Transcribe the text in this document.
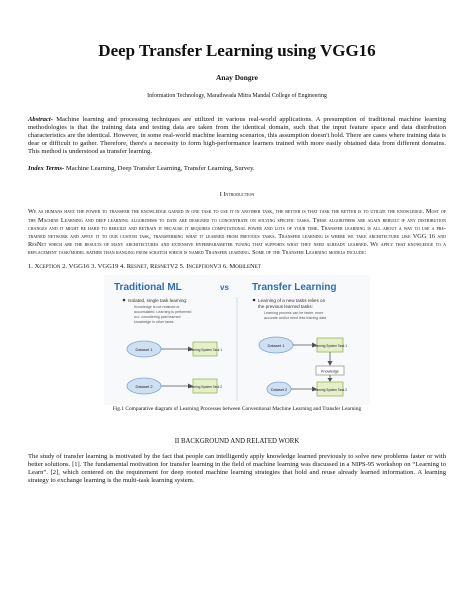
Deep Transfer Learning using VGG16
Anay Dongre
Information Technology, Marathwada Mitra Mandal College of Engineering

Abstract- Machine learning and processing techniques are utilized in various real-world applications. A presumption of traditional machine learning methodologies is that the training data and testing data are taken from the identical domain, such that the input feature space and data distribution characteristics are the identical. However, in some real-world machine learning scenarios, this assumption doesn't hold. There are cases where training data is dear or difficult to gather. Therefore, there's a necessity to form high-performance learners trained with more easily obtained data from different domains. This method is understood as transfer learning.

Index Terms- Machine Learning, Deep Transfer Learning, Transfer Learning, Survey.

I Introduction

We as humans have the power to transfer the knowledge gained in one task to use it in another task, the better is that task the better is to utilize the knowledge. Most of the Machine Learning and deep learning algorithms to date are designed to concentrate on solving specific tasks. These algorithms are again rebuilt if any distribution changes and it might be hard to rebuild and retrain it because it requires computational power and lots of your time. Transfer learning is all about a way to use a pre-trained network and apply it to our custom task, transferring what it learned from previous tasks. Transfer learning is where we take architecture like VGG 16 and ResNet which are the results of many architectures and extensive hyperparameter tuning that supports what they need already learned. We apply that knowledge to a replacement task/model rather than ranging from scratch which is named Transfer learning. Some of the Transfer Learning models include:

1. Xception 2. VGG16 3. VGG19 4. Resnet, ResnetV2 5. InceptionV3 6. MobileNet
Traditional ML	vs Transfer Learning
Isolated, single task learning:
Knowledge is not retained or
accumulated. Learning is performed
w.o. considering past learned
knowledge in other tasks
Learning of a new tasks relies on
the previous learned tasks:
Learning process can be faster, more
accurate and/or need less training data
Dataset 1	Learning System Task 1
Dataset 2	Learning System Task 2
Dataset 1	Learning System Task 1
Knowledge
Dataset 2	Learning System Task 2
Fig.1 Comparative diagram of Learning Processes between Conventional Machine Learning and Transfer Learning
II BACKGROUND AND RELATED WORK

The study of transfer learning is motivated by the fact that people can intelligently apply knowledge learned previously to solve new problems faster or with better solutions. [1]. The fundamental motivation for transfer learning in the field of machine learning was discussed in a NIPS-95 workshop on “Learning to Learn”. [2], which centered on the requirement for deep rooted machine learning strategies that hold and reuse already learned information. A learning strategy to exchange learning is the multi-task learning system.
